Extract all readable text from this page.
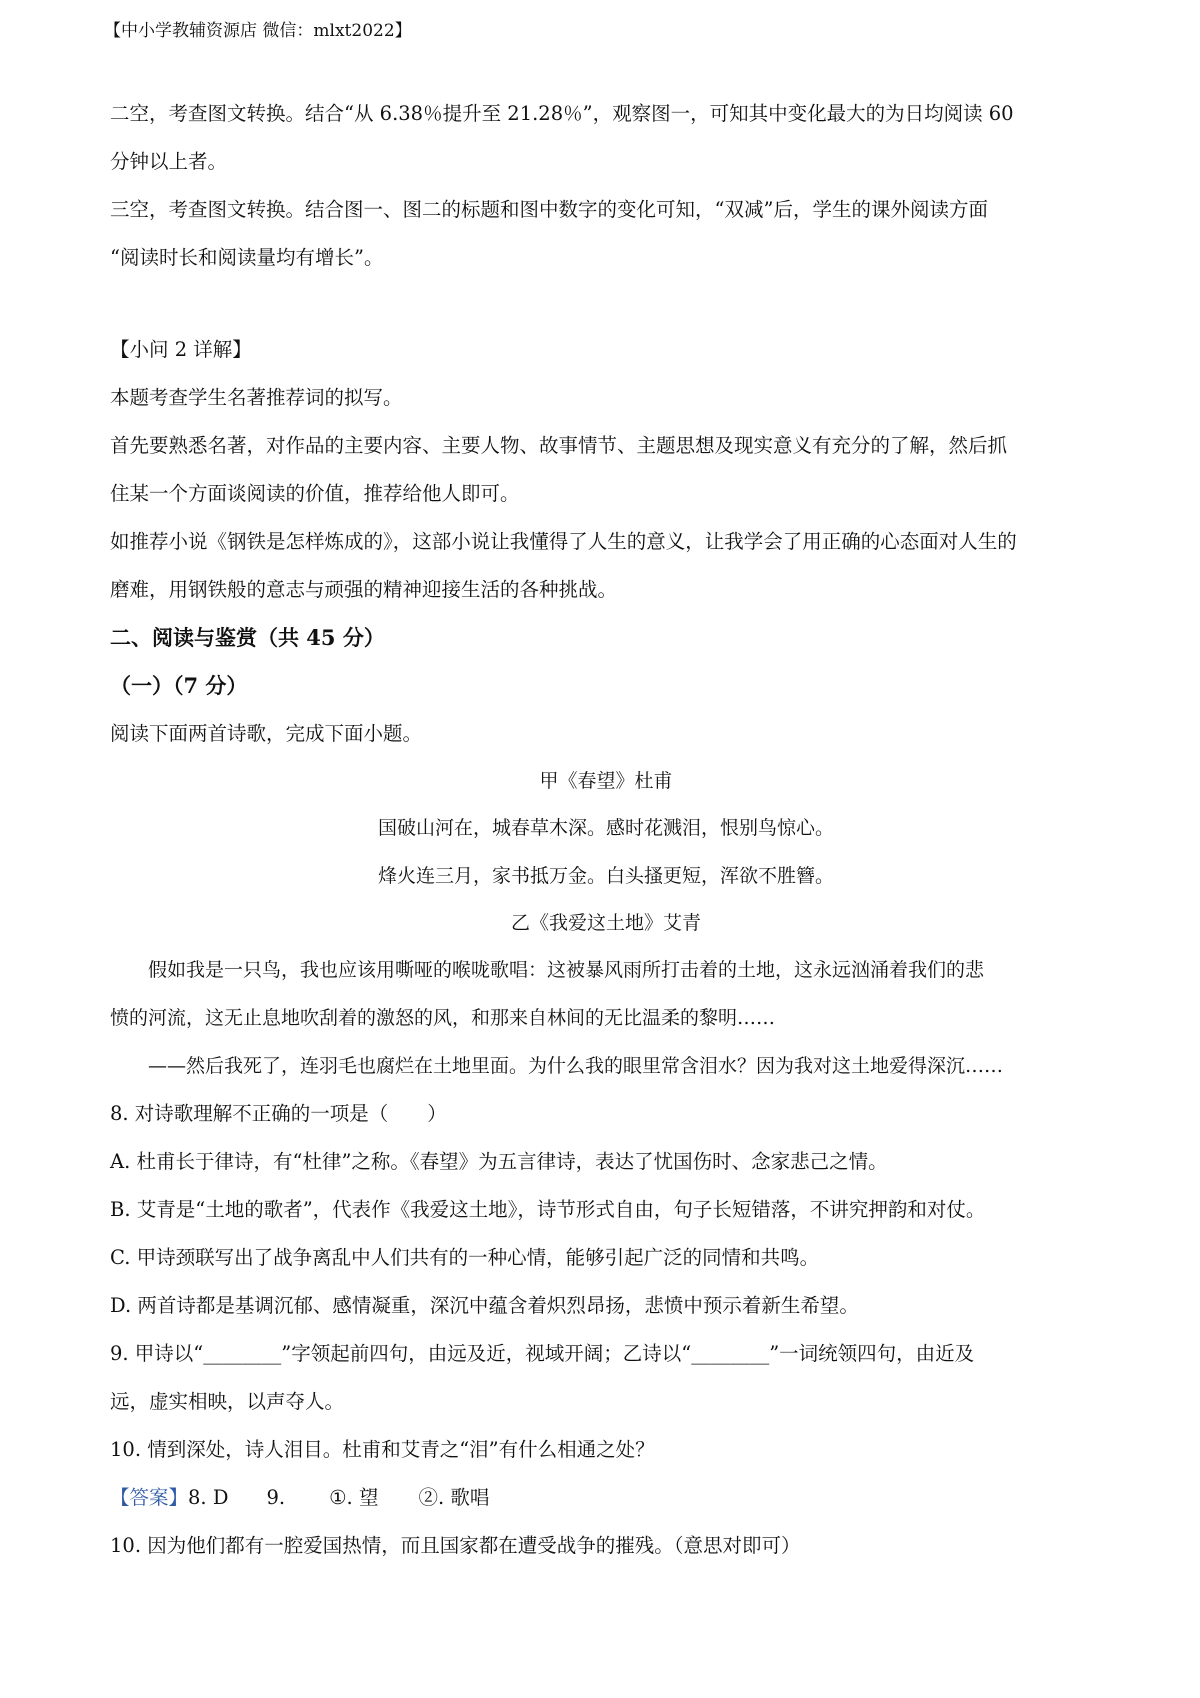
【中小学教辅资源店 微信：mlxt2022】
二空，考查图文转换。结合“从 6.38％提升至 21.28％”，观察图一，可知其中变化最大的为日均阅读 60
分钟以上者。
三空，考查图文转换。结合图一、图二的标题和图中数字的变化可知，“双减”后，学生的课外阅读方面
“阅读时长和阅读量均有增长”。
【小问 2 详解】
本题考查学生名著推荐词的拟写。
首先要熟悉名著，对作品的主要内容、主要人物、故事情节、主题思想及现实意义有充分的了解，然后抓
住某一个方面谈阅读的价值，推荐给他人即可。
如推荐小说《钢铁是怎样炼成的》，这部小说让我懂得了人生的意义，让我学会了用正确的心态面对人生的
磨难，用钢铁般的意志与顽强的精神迎接生活的各种挑战。
二、阅读与鉴赏（共 45 分）
（一）（7 分）
阅读下面两首诗歌，完成下面小题。
甲《春望》杜甫
国破山河在，城春草木深。感时花溅泪，恨别鸟惊心。
烽火连三月，家书抵万金。白头搔更短，浑欲不胜簪。
乙《我爱这土地》艾青
假如我是一只鸟，我也应该用嘶哑的喉咙歌唱：这被暴风雨所打击着的土地，这永远汹涌着我们的悲
愤的河流，这无止息地吹刮着的激怒的风，和那来自林间的无比温柔的黎明……
——然后我死了，连羽毛也腐烂在土地里面。为什么我的眼里常含泪水？因为我对这土地爱得深沉……
8. 对诗歌理解不正确的一项是（　　）
A. 杜甫长于律诗，有“杜律”之称。《春望》为五言律诗，表达了忧国伤时、念家悲己之情。
B. 艾青是“土地的歌者”，代表作《我爱这土地》，诗节形式自由，句子长短错落，不讲究押韵和对仗。
C. 甲诗颈联写出了战争离乱中人们共有的一种心情，能够引起广泛的同情和共鸣。
D. 两首诗都是基调沉郁、感情凝重，深沉中蕴含着炽烈昂扬，悲愤中预示着新生希望。
9. 甲诗以“________”字领起前四句，由远及近，视域开阔；乙诗以“________”一词统领四句，由近及
远，虚实相映，以声夺人。
10. 情到深处，诗人泪目。杜甫和艾青之“泪”有什么相通之处？
【答案】8. D 9. ①. 望 ②. 歌唱
10. 因为他们都有一腔爱国热情，而且国家都在遭受战争的摧残。（意思对即可）
